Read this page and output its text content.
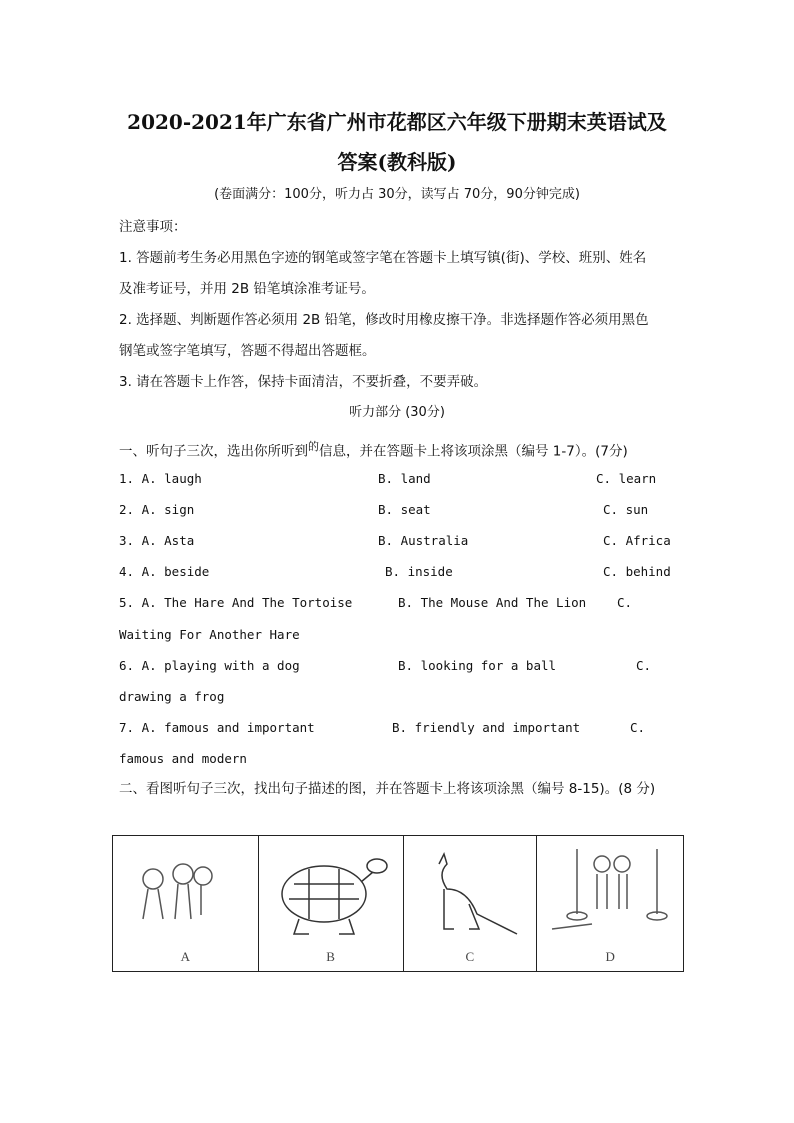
2020-2021年广东省广州市花都区六年级下册期末英语试及
答案(教科版)
(卷面满分：100分，听力占 30分，读写占 70分，90分钟完成)
注意事项：
1. 答题前考生务必用黑色字迹的钢笔或签字笔在答题卡上填写镇(街)、学校、班别、姓名
及准考证号，并用 2B 铅笔填涂准考证号。
2. 选择题、判断题作答必须用 2B 铅笔，修改时用橡皮擦干净。非选择题作答必须用黑色
钢笔或签字笔填写，答题不得超出答题框。
3. 请在答题卡上作答，保持卡面清洁，不要折叠，不要弄破。
听力部分 (30分)
一、听句子三次，选出你所听到$^的$信息，并在答题卡上将该项涂黑（编号 1-7）。(7分)
1. A. laugh	B. land	C. learn
2. A. sign	B. seat	C. sun
3. A. Asta	B. Australia	C. Africa
4. A. beside	B. inside	C. behind
5. A. The Hare And The Tortoise	B. The Mouse And The Lion C.
Waiting For Another Hare
6. A. playing with a dog	B. looking for a ball	C.
drawing a frog
7. A. famous and important	B. friendly and important	C.
famous and modern
二、看图听句子三次，找出句子描述的图，并在答题卡上将该项涂黑（编号 8-15)。(8 分)
A	B	C	D
